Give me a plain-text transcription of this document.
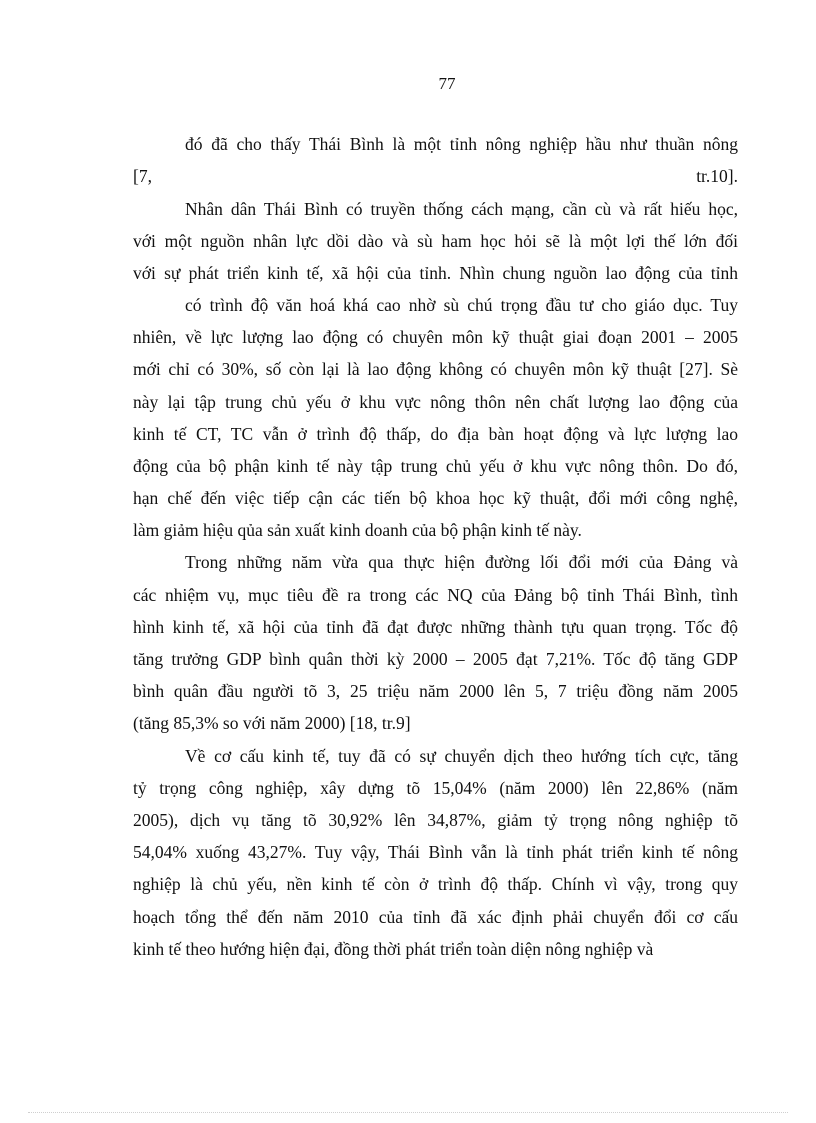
77
đó đã cho thấy Thái Bình là một tỉnh nông nghiệp hầu như thuần nông
[7,	tr.10].
Nhân dân Thái Bình có truyền thống cách mạng, cần cù và rất hiếu học,
với một nguồn nhân lực dồi dào và sù ham học hỏi sẽ là một lợi thế lớn đối
với sự phát triển kinh tế, xã hội của tỉnh. Nhìn chung nguồn lao động của tỉnh
có trình độ văn hoá khá cao nhờ sù chú trọng đầu tư cho giáo dục. Tuy
nhiên, về lực lượng lao động có chuyên môn kỹ thuật giai đoạn 2001 – 2005
mới chỉ có 30%, số còn lại là lao động không có chuyên môn kỹ thuật [27]. Sè
này lại tập trung chủ yếu ở khu vực nông thôn nên chất lượng lao động của
kinh tế CT, TC vẫn ở trình độ thấp, do địa bàn hoạt động và lực lượng lao
động của bộ phận kinh tế này tập trung chủ yếu ở khu vực nông thôn. Do đó,
hạn chế đến việc tiếp cận các tiến bộ khoa học kỹ thuật, đổi mới công nghệ,
làm giảm hiệu qủa sản xuất kinh doanh của bộ phận kinh tế này.
Trong những năm vừa qua thực hiện đường lối đổi mới của Đảng và
các nhiệm vụ, mục tiêu đề ra trong các NQ của Đảng bộ tỉnh Thái Bình, tình
hình kinh tế, xã hội của tỉnh đã đạt được những thành tựu quan trọng. Tốc độ
tăng trưởng GDP bình quân thời kỳ 2000 – 2005 đạt 7,21%. Tốc độ tăng GDP
bình quân đầu người tõ 3, 25 triệu năm 2000 lên 5, 7 triệu đồng năm 2005
(tăng 85,3% so với năm 2000) [18, tr.9]
Về cơ cấu kinh tế, tuy đã có sự chuyển dịch theo hướng tích cực, tăng
tỷ trọng công nghiệp, xây dựng tõ 15,04% (năm 2000) lên 22,86% (năm
2005), dịch vụ tăng tõ 30,92% lên 34,87%, giảm tỷ trọng nông nghiệp tõ
54,04% xuống 43,27%. Tuy vậy, Thái Bình vẫn là tỉnh phát triển kinh tế nông
nghiệp là chủ yếu, nền kinh tế còn ở trình độ thấp. Chính vì vậy, trong quy
hoạch tổng thể đến năm 2010 của tỉnh đã xác định phải chuyển đổi cơ cấu
kinh tế theo hướng hiện đại, đồng thời phát triển toàn diện nông nghiệp và
